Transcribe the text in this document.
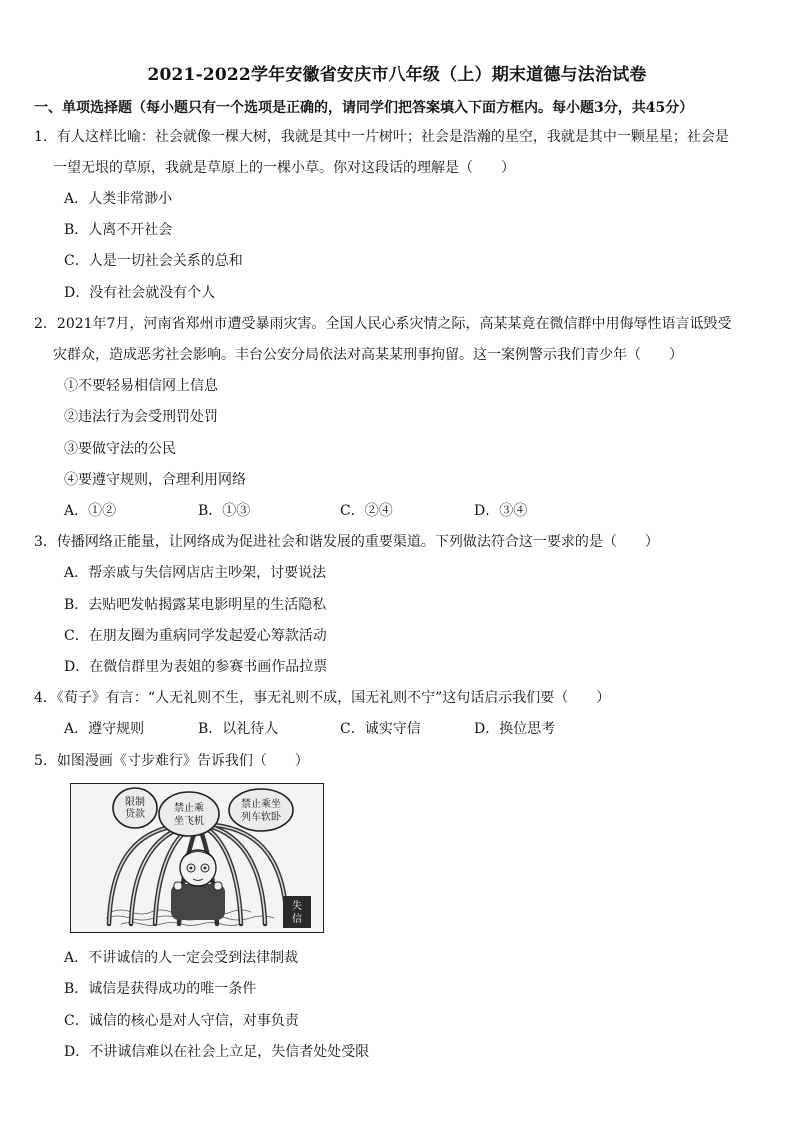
2021-2022学年安徽省安庆市八年级（上）期末道德与法治试卷
一、单项选择题（每小题只有一个选项是正确的，请同学们把答案填入下面方框内。每小题3分，共45分）
1．有人这样比喻：社会就像一棵大树，我就是其中一片树叶；社会是浩瀚的星空，我就是其中一颗星星；社会是
一望无垠的草原，我就是草原上的一棵小草。你对这段话的理解是（　　）
A．人类非常渺小
B．人离不开社会
C．人是一切社会关系的总和
D．没有社会就没有个人
2．2021年7月，河南省郑州市遭受暴雨灾害。全国人民心系灾情之际，高某某竟在微信群中用侮辱性语言诋毁受
灾群众，造成恶劣社会影响。丰台公安分局依法对高某某刑事拘留。这一案例警示我们青少年（　　）
①不要轻易相信网上信息
②违法行为会受刑罚处罚
③要做守法的公民
④要遵守规则，合理利用网络
A．①②	B．①③	C．②④	D．③④
3．传播网络正能量，让网络成为促进社会和谐发展的重要渠道。下列做法符合这一要求的是（　　）
A．帮亲戚与失信网店店主吵架，讨要说法
B．去贴吧发帖揭露某电影明星的生活隐私
C．在朋友圈为重病同学发起爱心筹款活动
D．在微信群里为表姐的参赛书画作品拉票
4．《荀子》有言：“人无礼则不生，事无礼则不成，国无礼则不宁”这句话启示我们要（　　）
A．遵守规则	B．以礼待人	C．诚实守信	D．换位思考
5．如图漫画《寸步难行》告诉我们（　　）
限制
贷款
禁止乘
坐飞机
禁止乘坐
列车软卧
失
信
A．不讲诚信的人一定会受到法律制裁
B．诚信是获得成功的唯一条件
C．诚信的核心是对人守信，对事负责
D．不讲诚信难以在社会上立足，失信者处处受限
